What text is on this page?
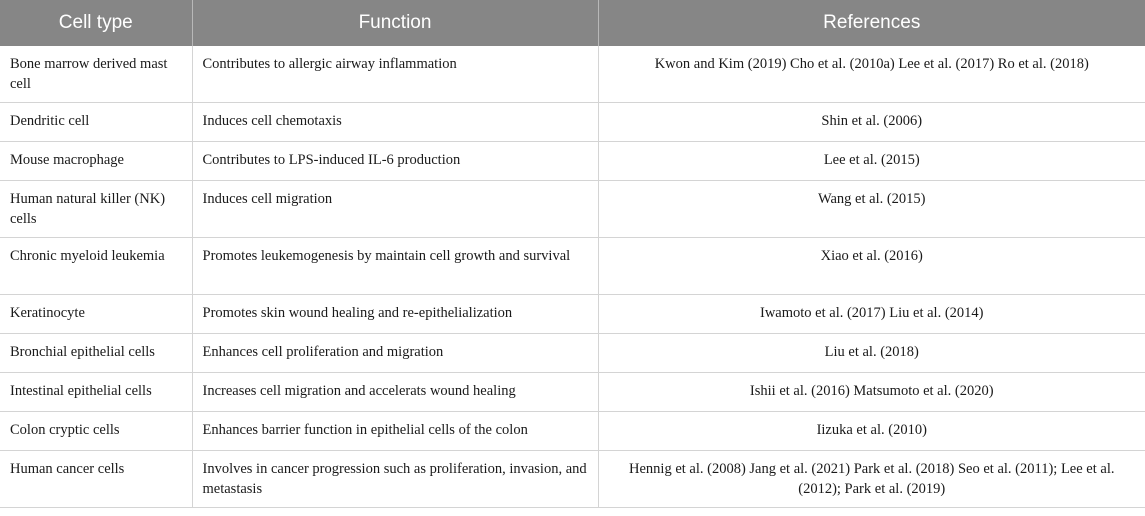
Cell type	Function	References
Bone marrow derived mast cell	Contributes to allergic airway inflammation	Kwon and Kim (2019) Cho et al. (2010a) Lee et al. (2017) Ro et al. (2018)
Dendritic cell	Induces cell chemotaxis	Shin et al. (2006)
Mouse macrophage	Contributes to LPS-induced IL-6 production	Lee et al. (2015)
Human natural killer (NK) cells	Induces cell migration	Wang et al. (2015)
Chronic myeloid leukemia	Promotes leukemogenesis by maintain cell growth and survival	Xiao et al. (2016)
Keratinocyte	Promotes skin wound healing and re-epithelialization	Iwamoto et al. (2017) Liu et al. (2014)
Bronchial epithelial cells	Enhances cell proliferation and migration	Liu et al. (2018)
Intestinal epithelial cells	Increases cell migration and accelerats wound healing	Ishii et al. (2016) Matsumoto et al. (2020)
Colon cryptic cells	Enhances barrier function in epithelial cells of the colon	Iizuka et al. (2010)
Human cancer cells	Involves in cancer progression such as proliferation, invasion, and metastasis	Hennig et al. (2008) Jang et al. (2021) Park et al. (2018) Seo et al. (2011); Lee et al. (2012); Park et al. (2019)
